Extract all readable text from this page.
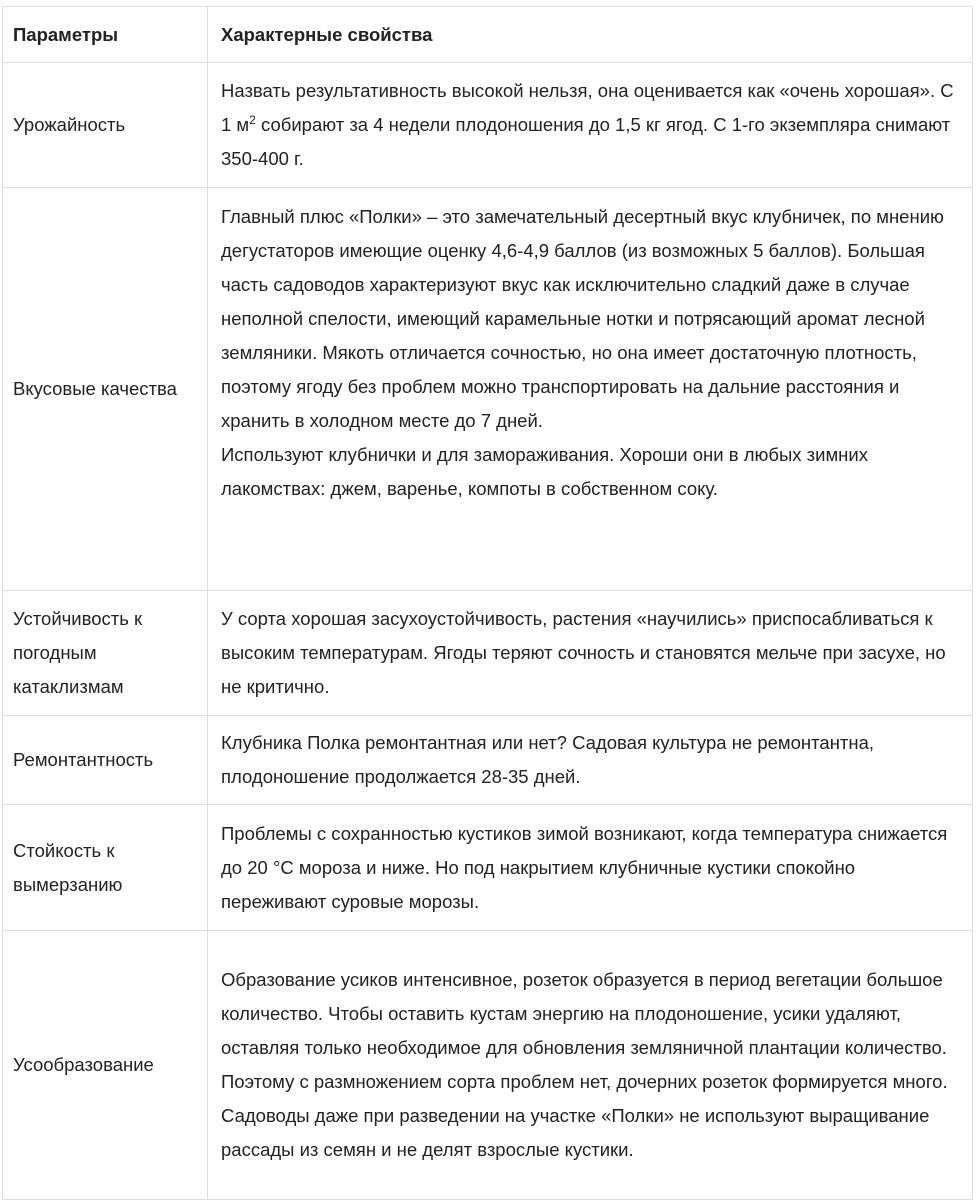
Параметры	Характерные свойства
Урожайность	Назвать результативность высокой нельзя, она оценивается как «очень хорошая». С 1 $м^2$ собирают за 4 недели плодоношения до 1,5 кг ягод. С 1-го экземпляра снимают 350-400 г.
Вкусовые качества	Главный плюс «Полки» – это замечательный десертный вкус клубничек, по мнению дегустаторов имеющие оценку 4,6-4,9 баллов (из возможных 5 баллов). Большая часть садоводов характеризуют вкус как исключительно сладкий даже в случае неполной спелости, имеющий карамельные нотки и потрясающий аромат лесной земляники. Мякоть отличается сочностью, но она имеет достаточную плотность, поэтому ягоду без проблем можно транспортировать на дальние расстояния и хранить в холодном месте до 7 дней.
Используют клубнички и для замораживания. Хороши они в любых зимних лакомствах: джем, варенье, компоты в собственном соку.

Устойчивость к погодным катаклизмам	У сорта хорошая засухоустойчивость, растения «научились» приспосабливаться к высоким температурам. Ягоды теряют сочность и становятся мельче при засухе, но не критично.
Ремонтантность	Клубника Полка ремонтантная или нет? Садовая культура не ремонтантна, плодоношение продолжается 28-35 дней.
Стойкость к вымерзанию	Проблемы с сохранностью кустиков зимой возникают, когда температура снижается до 20 °С мороза и ниже. Но под накрытием клубничные кустики спокойно переживают суровые морозы.
Усообразование	Образование усиков интенсивное, розеток образуется в период вегетации большое количество. Чтобы оставить кустам энергию на плодоношение, усики удаляют, оставляя только необходимое для обновления земляничной плантации количество. Поэтому с размножением сорта проблем нет, дочерних розеток формируется много. Садоводы даже при разведении на участке «Полки» не используют выращивание рассады из семян и не делят взрослые кустики.
